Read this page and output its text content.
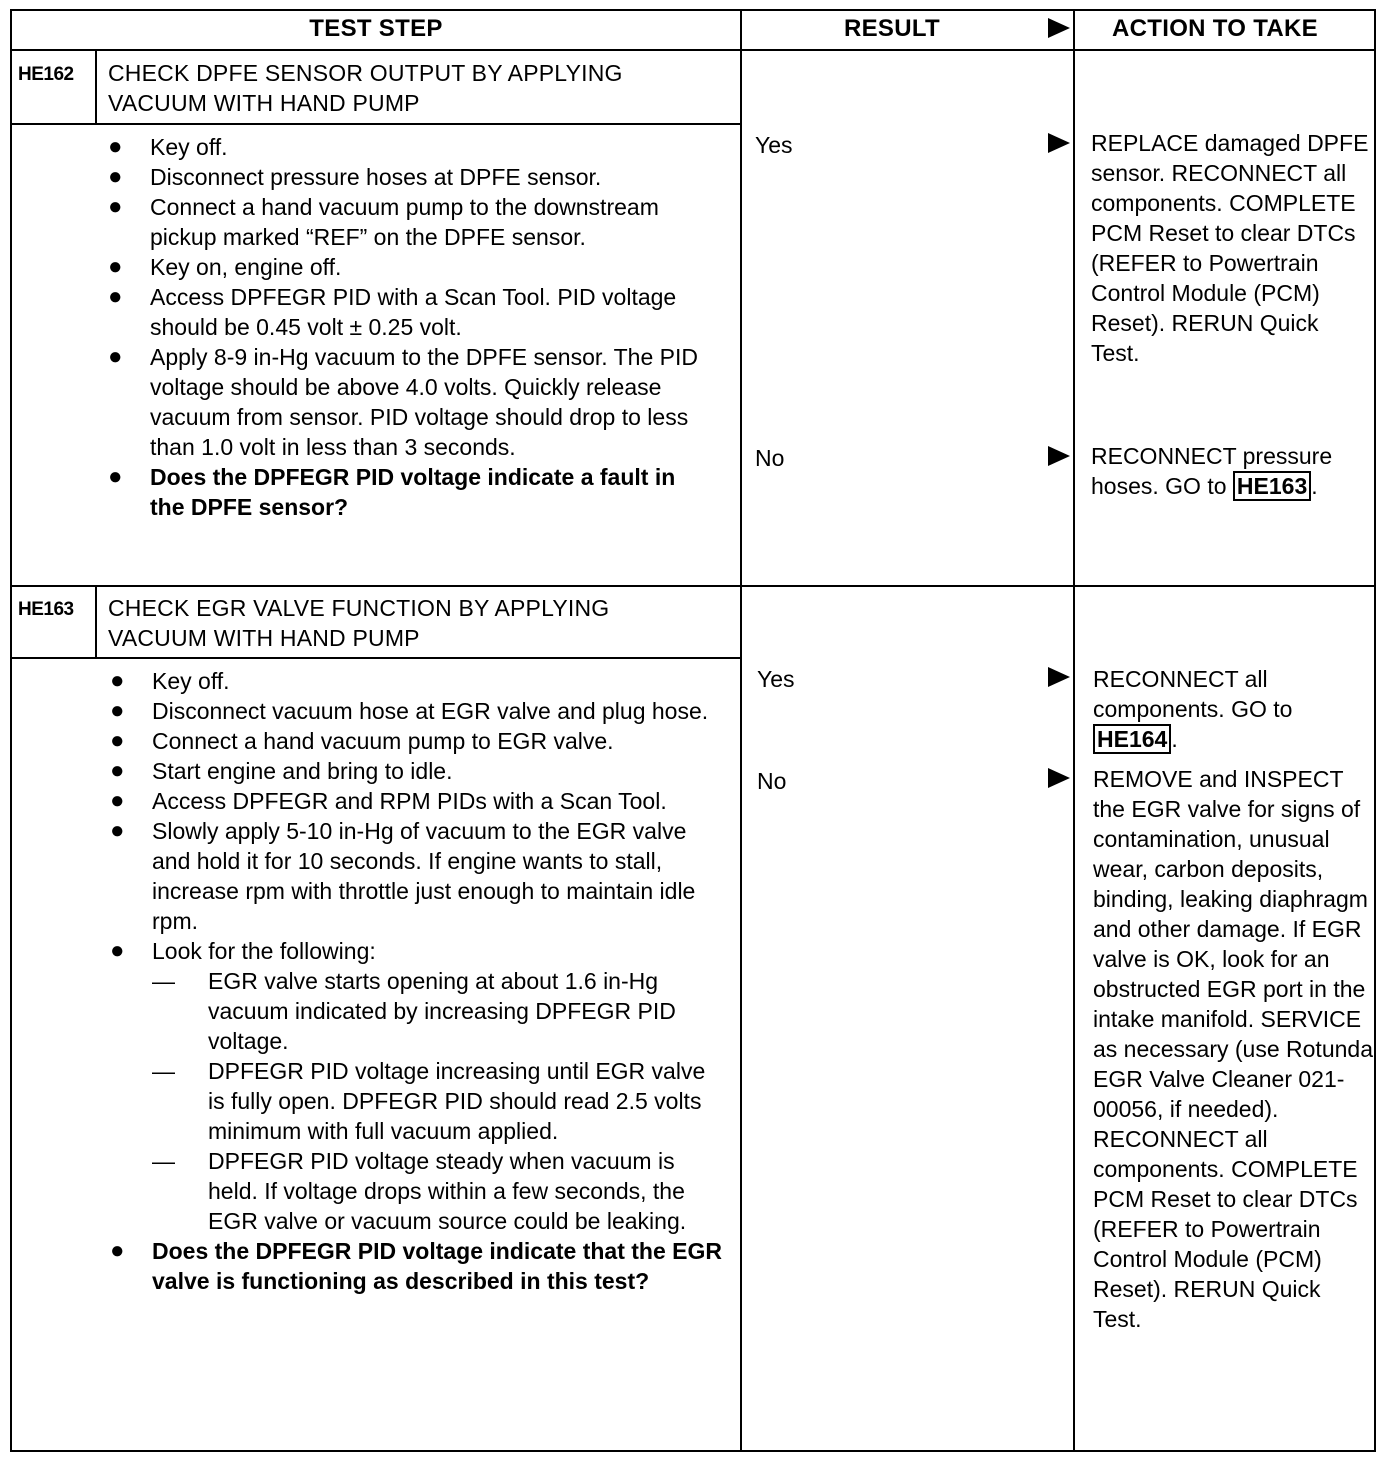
TEST STEP	RESULT	ACTION TO TAKE
HE162 CHECK DPFE SENSOR OUTPUT BY APPLYING
VACUUM WITH HAND PUMP
● Key off.
● Disconnect pressure hoses at DPFE sensor.
● Connect a hand vacuum pump to the downstream pickup marked “REF” on the DPFE sensor.
● Key on, engine off.
● Access DPFEGR PID with a Scan Tool. PID voltage should be 0.45 volt ± 0.25 volt.
● Apply 8-9 in-Hg vacuum to the DPFE sensor. The PID voltage should be above 4.0 volts. Quickly release vacuum from sensor. PID voltage should drop to less than 1.0 volt in less than 3 seconds.
● Does the DPFEGR PID voltage indicate a fault in the DPFE sensor?
Yes	REPLACE damaged DPFE sensor. RECONNECT all components. COMPLETE PCM Reset to clear DTCs (REFER to Powertrain Control Module (PCM) Reset). RERUN Quick Test.
No	RECONNECT pressure hoses. GO to HE163 .
HE163 CHECK EGR VALVE FUNCTION BY APPLYING
VACUUM WITH HAND PUMP
● Key off.
● Disconnect vacuum hose at EGR valve and plug hose.
● Connect a hand vacuum pump to EGR valve.
● Start engine and bring to idle.
● Access DPFEGR and RPM PIDs with a Scan Tool.
● Slowly apply 5-10 in-Hg of vacuum to the EGR valve and hold it for 10 seconds. If engine wants to stall, increase rpm with throttle just enough to maintain idle rpm.
● Look for the following:
— EGR valve starts opening at about 1.6 in-Hg vacuum indicated by increasing DPFEGR PID voltage.
— DPFEGR PID voltage increasing until EGR valve is fully open. DPFEGR PID should read 2.5 volts minimum with full vacuum applied.
— DPFEGR PID voltage steady when vacuum is held. If voltage drops within a few seconds, the EGR valve or vacuum source could be leaking.
● Does the DPFEGR PID voltage indicate that the EGR valve is functioning as described in this test?
Yes	RECONNECT all components. GO to HE164 .
No	REMOVE and INSPECT the EGR valve for signs of contamination, unusual wear, carbon deposits, binding, leaking diaphragm and other damage. If EGR valve is OK, look for an obstructed EGR port in the intake manifold. SERVICE as necessary (use Rotunda EGR Valve Cleaner 021-00056, if needed). RECONNECT all components. COMPLETE PCM Reset to clear DTCs (REFER to Powertrain Control Module (PCM) Reset). RERUN Quick Test.
